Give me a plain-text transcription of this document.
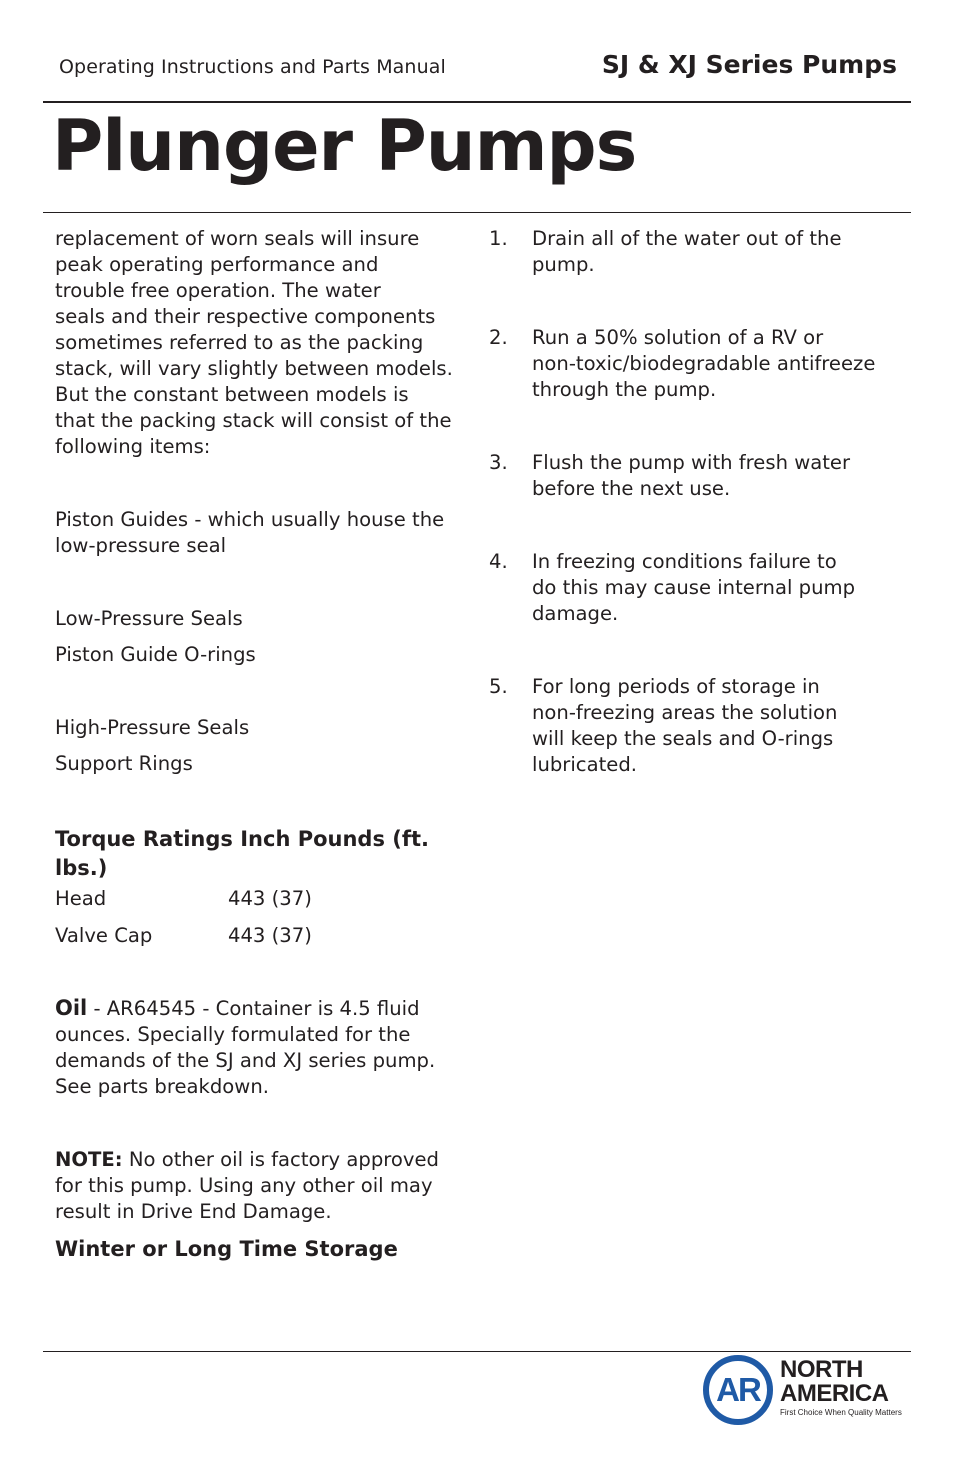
Operating Instructions and Parts Manual	SJ & XJ Series Pumps
Plunger Pumps
replacement of worn seals will insure
peak operating performance and
trouble free operation. The water
seals and their respective components
sometimes referred to as the packing
stack, will vary slightly between models.
But the constant between models is
that the packing stack will consist of the
following items:
Piston Guides - which usually house the
low-pressure seal
Low-Pressure Seals
Piston Guide O-rings
High-Pressure Seals
Support Rings
Torque Ratings Inch Pounds (ft.
lbs.)
Head	443 (37)
Valve Cap	443 (37)
Oil - AR64545 - Container is 4.5 fluid
ounces. Specially formulated for the
demands of the SJ and XJ series pump.
See parts breakdown.
NOTE: No other oil is factory approved
for this pump. Using any other oil may
result in Drive End Damage.
Winter or Long Time Storage
1. Drain all of the water out of the
pump.
2. Run a 50% solution of a RV or
non-toxic/biodegradable antifreeze
through the pump.
3. Flush the pump with fresh water
before the next use.
4. In freezing conditions failure to
do this may cause internal pump
damage.
5. For long periods of storage in
non-freezing areas the solution
will keep the seals and O-rings
lubricated.
AR
NORTH
AMERICA
First Choice When Quality Matters
